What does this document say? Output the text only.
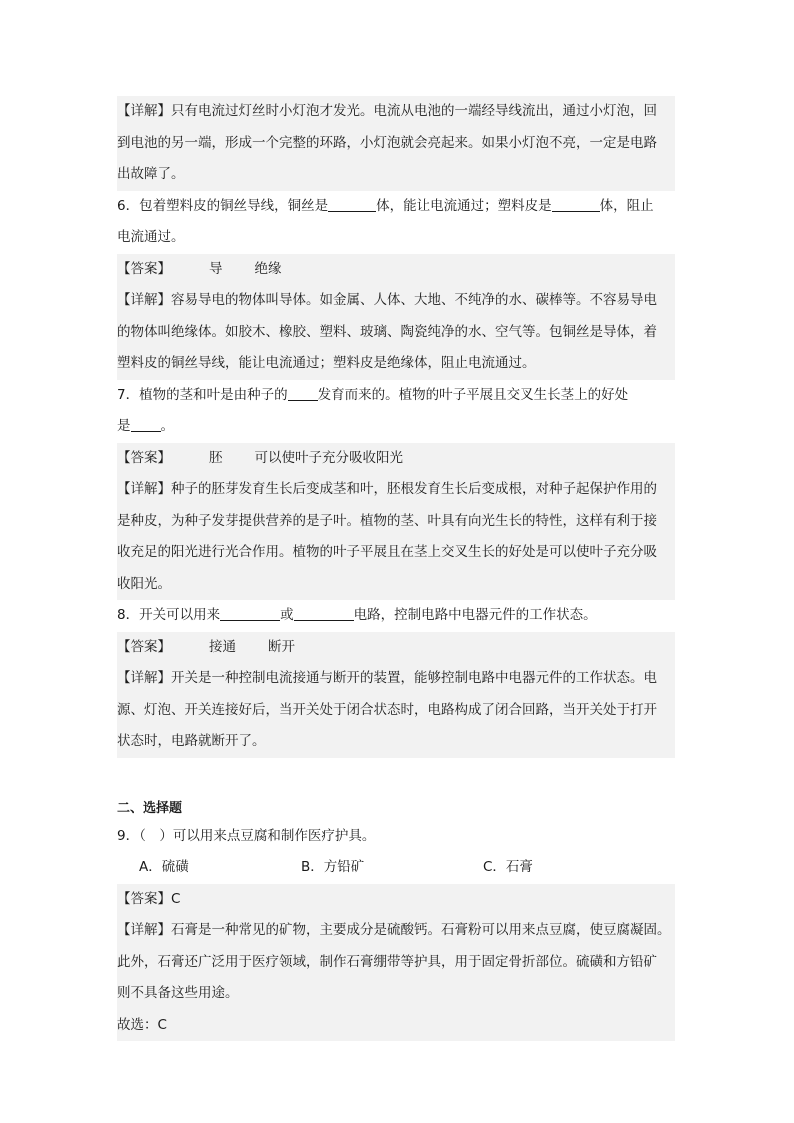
【详解】只有电流过灯丝时小灯泡才发光。电流从电池的一端经导线流出，通过小灯泡，回
到电池的另一端，形成一个完整的环路，小灯泡就会亮起来。如果小灯泡不亮，一定是电路
出故障了。
6．包着塑料皮的铜丝导线，铜丝是	体，能让电流通过；塑料皮是	体，阻止
电流通过。
【答案】	导 绝缘
【详解】容易导电的物体叫导体。如金属、人体、大地、不纯净的水、碳棒等。不容易导电
的物体叫绝缘体。如胶木、橡胶、塑料、玻璃、陶瓷纯净的水、空气等。包铜丝是导体，着
塑料皮的铜丝导线，能让电流通过；塑料皮是绝缘体，阻止电流通过。
7．植物的茎和叶是由种子的 发育而来的。植物的叶子平展且交叉生长茎上的好处
是 。
【答案】	胚 可以使叶子充分吸收阳光
【详解】种子的胚芽发育生长后变成茎和叶，胚根发育生长后变成根，对种子起保护作用的
是种皮，为种子发芽提供营养的是子叶。植物的茎、叶具有向光生长的特性，这样有利于接
收充足的阳光进行光合作用。植物的叶子平展且在茎上交叉生长的好处是可以使叶子充分吸
收阳光。
8．开关可以用来	或	电路，控制电路中电器元件的工作状态。
【答案】	接通 断开
【详解】开关是一种控制电流接通与断开的装置，能够控制电路中电器元件的工作状态。电
源、灯泡、开关连接好后，当开关处于闭合状态时，电路构成了闭合回路，当开关处于打开
状态时，电路就断开了。
二、选择题
9．（　）可以用来点豆腐和制作医疗护具。
A．硫磺	B．方铅矿	C．石膏
【答案】C
【详解】石膏是一种常见的矿物，主要成分是硫酸钙。石膏粉可以用来点豆腐，使豆腐凝固。
此外，石膏还广泛用于医疗领域，制作石膏绷带等护具，用于固定骨折部位。硫磺和方铅矿
则不具备这些用途。
故选：C
